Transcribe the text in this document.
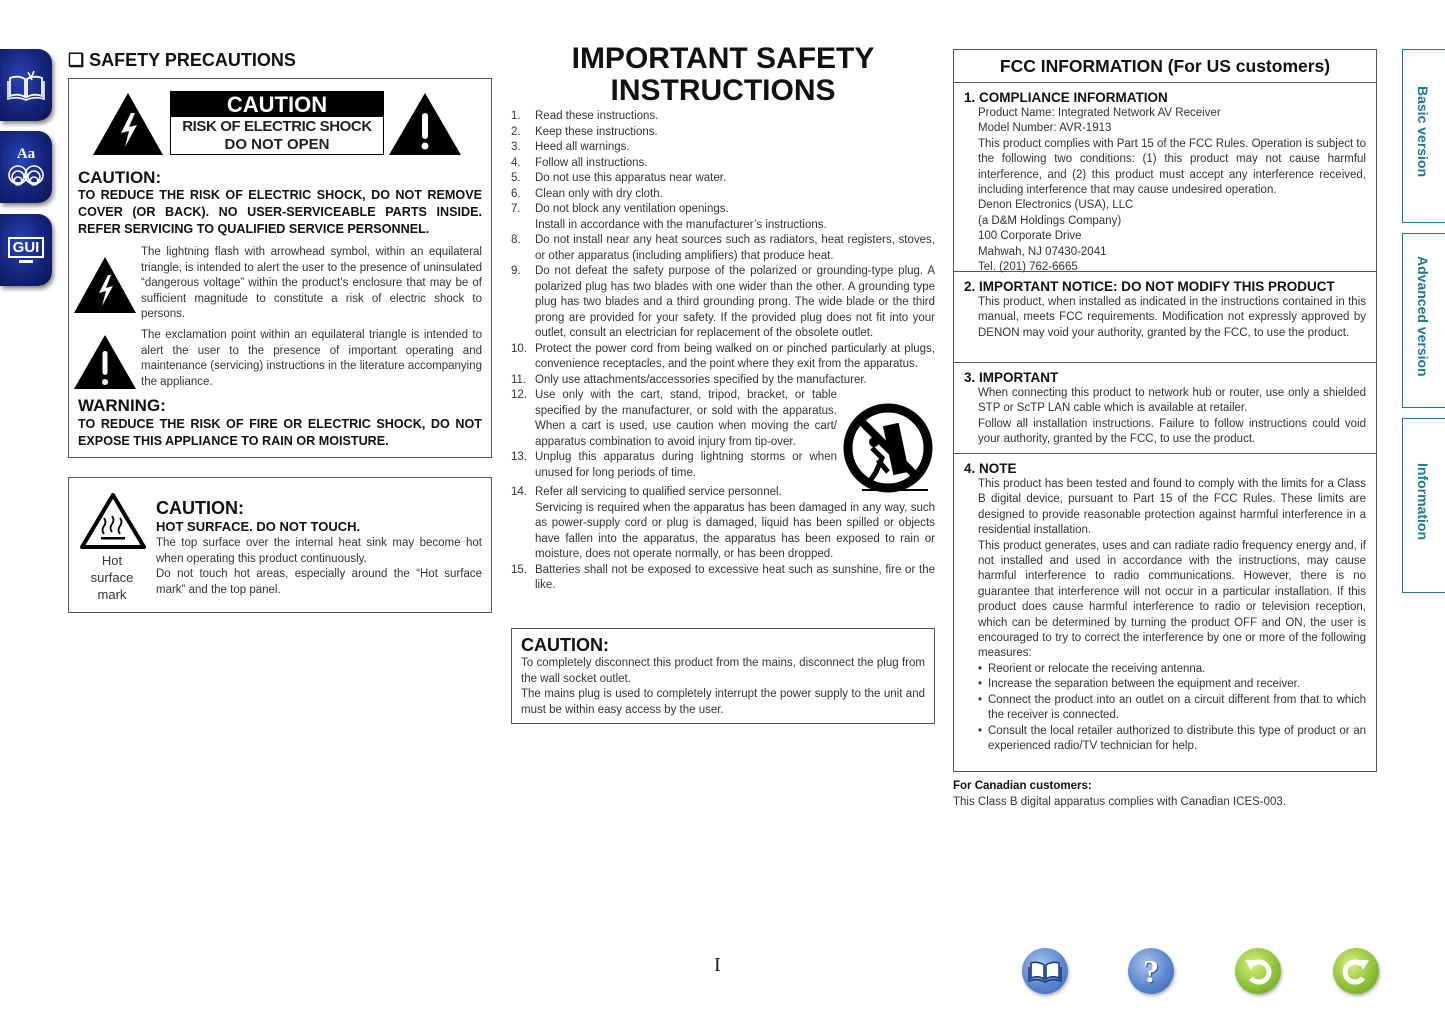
Aa
GUI
Basic version
Advanced version
Information
❏ SAFETY PRECAUTIONS
CAUTION
RISK OF ELECTRIC SHOCK
DO NOT OPEN
CAUTION:
TO REDUCE THE RISK OF ELECTRIC SHOCK, DO NOT REMOVE COVER (OR BACK). NO USER-SERVICEABLE PARTS INSIDE. REFER SERVICING TO QUALIFIED SERVICE PERSONNEL.
The lightning flash with arrowhead symbol, within an equilateral triangle, is intended to alert the user to the presence of uninsulated “dangerous voltage” within the product’s enclosure that may be of sufficient magnitude to constitute a risk of electric shock to persons.
The exclamation point within an equilateral triangle is intended to alert the user to the presence of important operating and maintenance (servicing) instructions in the literature accompanying the appliance.
WARNING:
TO REDUCE THE RISK OF FIRE OR ELECTRIC SHOCK, DO NOT EXPOSE THIS APPLIANCE TO RAIN OR MOISTURE.
Hot
surface
mark
CAUTION:
HOT SURFACE. DO NOT TOUCH.
The top surface over the internal heat sink may become hot when operating this product continuously.
Do not touch hot areas, especially around the “Hot surface mark” and the top panel.
IMPORTANT SAFETY
INSTRUCTIONS
1. Read these instructions.
2. Keep these instructions.
3. Heed all warnings.
4. Follow all instructions.
5. Do not use this apparatus near water.
6. Clean only with dry cloth.
7. Do not block any ventilation openings.
Install in accordance with the manufacturer’s instructions.
8. Do not install near any heat sources such as radiators, heat registers, stoves, or other apparatus (including amplifiers) that produce heat.
9. Do not defeat the safety purpose of the polarized or grounding-type plug. A polarized plug has two blades with one wider than the other. A grounding type plug has two blades and a third grounding prong. The wide blade or the third prong are provided for your safety. If the provided plug does not fit into your outlet, consult an electrician for replacement of the obsolete outlet.
10. Protect the power cord from being walked on or pinched particularly at plugs, convenience receptacles, and the point where they exit from the apparatus.
11. Only use attachments/accessories specified by the manufacturer.
12. Use only with the cart, stand, tripod, bracket, or table specified by the manufacturer, or sold with the apparatus. When a cart is used, use caution when moving the cart/ apparatus combination to avoid injury from tip-over.
13. Unplug this apparatus during lightning storms or when unused for long periods of time.
14. Refer all servicing to qualified service personnel.
Servicing is required when the apparatus has been damaged in any way, such as power-supply cord or plug is damaged, liquid has been spilled or objects have fallen into the apparatus, the apparatus has been exposed to rain or moisture, does not operate normally, or has been dropped.
15. Batteries shall not be exposed to excessive heat such as sunshine, fire or the like.
CAUTION:
To completely disconnect this product from the mains, disconnect the plug from the wall socket outlet.
The mains plug is used to completely interrupt the power supply to the unit and must be within easy access by the user.
FCC INFORMATION (For US customers)
1. COMPLIANCE INFORMATION
Product Name: Integrated Network AV Receiver
Model Number: AVR-1913
This product complies with Part 15 of the FCC Rules. Operation is subject to the following two conditions: (1) this product may not cause harmful interference, and (2) this product must accept any interference received, including interference that may cause undesired operation.
Denon Electronics (USA), LLC
(a D&M Holdings Company)
100 Corporate Drive
Mahwah, NJ 07430-2041
Tel. (201) 762-6665
2. IMPORTANT NOTICE: DO NOT MODIFY THIS PRODUCT
This product, when installed as indicated in the instructions contained in this manual, meets FCC requirements. Modification not expressly approved by DENON may void your authority, granted by the FCC, to use the product.
3. IMPORTANT
When connecting this product to network hub or router, use only a shielded STP or ScTP LAN cable which is available at retailer.
Follow all installation instructions. Failure to follow instructions could void your authority, granted by the FCC, to use the product.
4. NOTE
This product has been tested and found to comply with the limits for a Class B digital device, pursuant to Part 15 of the FCC Rules. These limits are designed to provide reasonable protection against harmful interference in a residential installation.
This product generates, uses and can radiate radio frequency energy and, if not installed and used in accordance with the instructions, may cause harmful interference to radio communications. However, there is no guarantee that interference will not occur in a particular installation. If this product does cause harmful interference to radio or television reception, which can be determined by turning the product OFF and ON, the user is encouraged to try to correct the interference by one or more of the following measures:
• Reorient or relocate the receiving antenna.
• Increase the separation between the equipment and receiver.
• Connect the product into an outlet on a circuit different from that to which the receiver is connected.
• Consult the local retailer authorized to distribute this type of product or an experienced radio/TV technician for help.
For Canadian customers:
This Class B digital apparatus complies with Canadian ICES-003.
I	?
